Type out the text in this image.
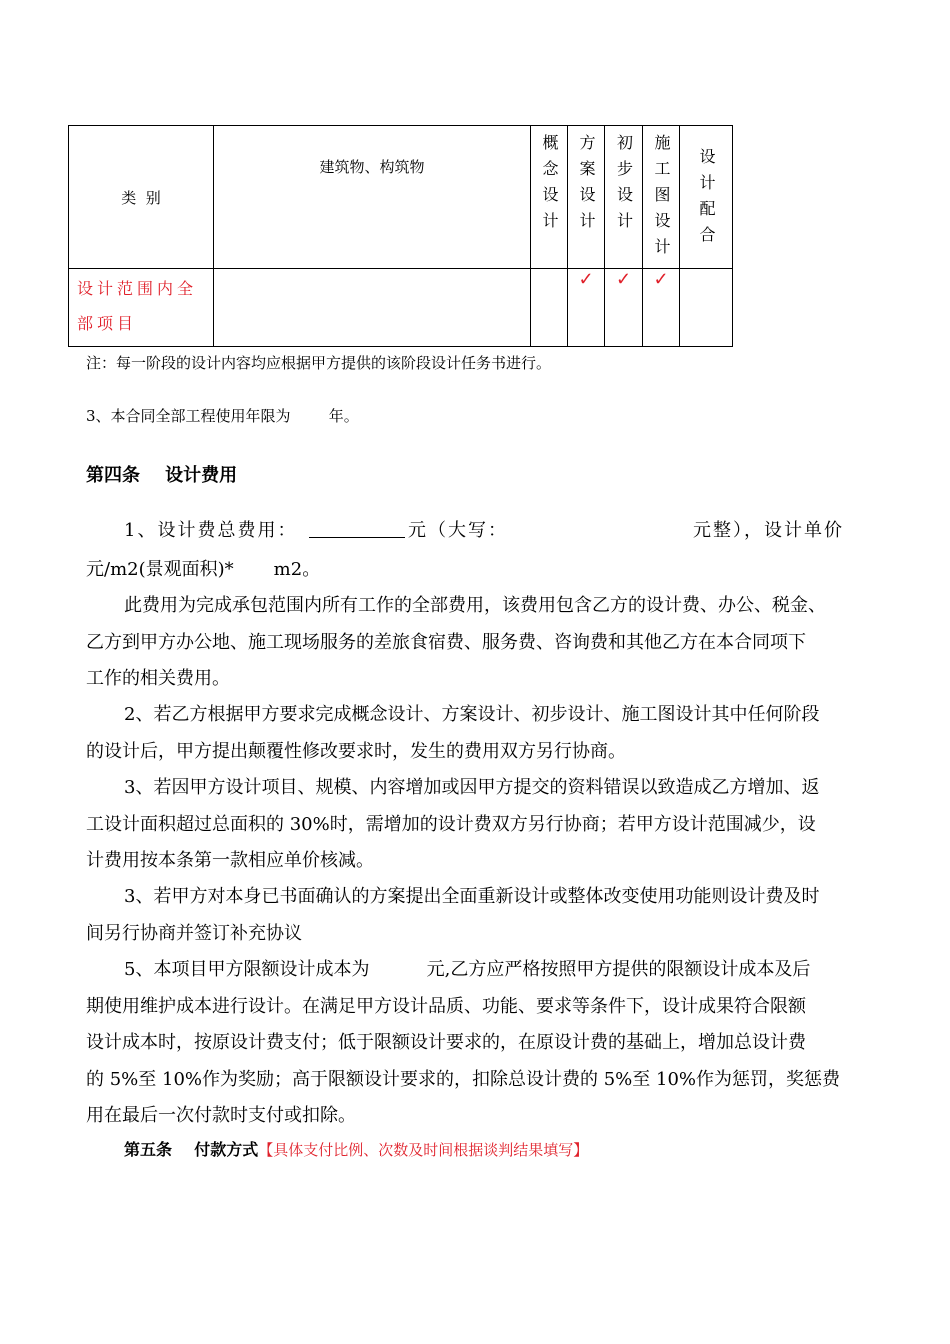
类  别	建筑物、构筑物	概念设计	方案设计	初步设计	施工图设计	设计配合

设计范围内全
部项目			✓	✓	✓	
注：每一阶段的设计内容均应根据甲方提供的该阶段设计任务书进行。
3、本合同全部工程使用年限为        年。
第四条    设计费用
1、设计费总费用：	元（大写：	元整），设计单价
元/m2(景观面积)*       m2。
此费用为完成承包范围内所有工作的全部费用，该费用包含乙方的设计费、办公、税金、
乙方到甲方办公地、施工现场服务的差旅食宿费、服务费、咨询费和其他乙方在本合同项下
工作的相关费用。
2、若乙方根据甲方要求完成概念设计、方案设计、初步设计、施工图设计其中任何阶段
的设计后，甲方提出颠覆性修改要求时，发生的费用双方另行协商。
3、若因甲方设计项目、规模、内容增加或因甲方提交的资料错误以致造成乙方增加、返
工设计面积超过总面积的 30%时，需增加的设计费双方另行协商；若甲方设计范围减少，设
计费用按本条第一款相应单价核减。
3、若甲方对本身已书面确认的方案提出全面重新设计或整体改变使用功能则设计费及时
间另行协商并签订补充协议
5、本项目甲方限额设计成本为          元,乙方应严格按照甲方提供的限额设计成本及后
期使用维护成本进行设计。在满足甲方设计品质、功能、要求等条件下，设计成果符合限额
设计成本时，按原设计费支付；低于限额设计要求的，在原设计费的基础上，增加总设计费
的 5%至 10%作为奖励；高于限额设计要求的，扣除总设计费的 5%至 10%作为惩罚，奖惩费
用在最后一次付款时支付或扣除。
第五条    付款方式【具体支付比例、次数及时间根据谈判结果填写】
